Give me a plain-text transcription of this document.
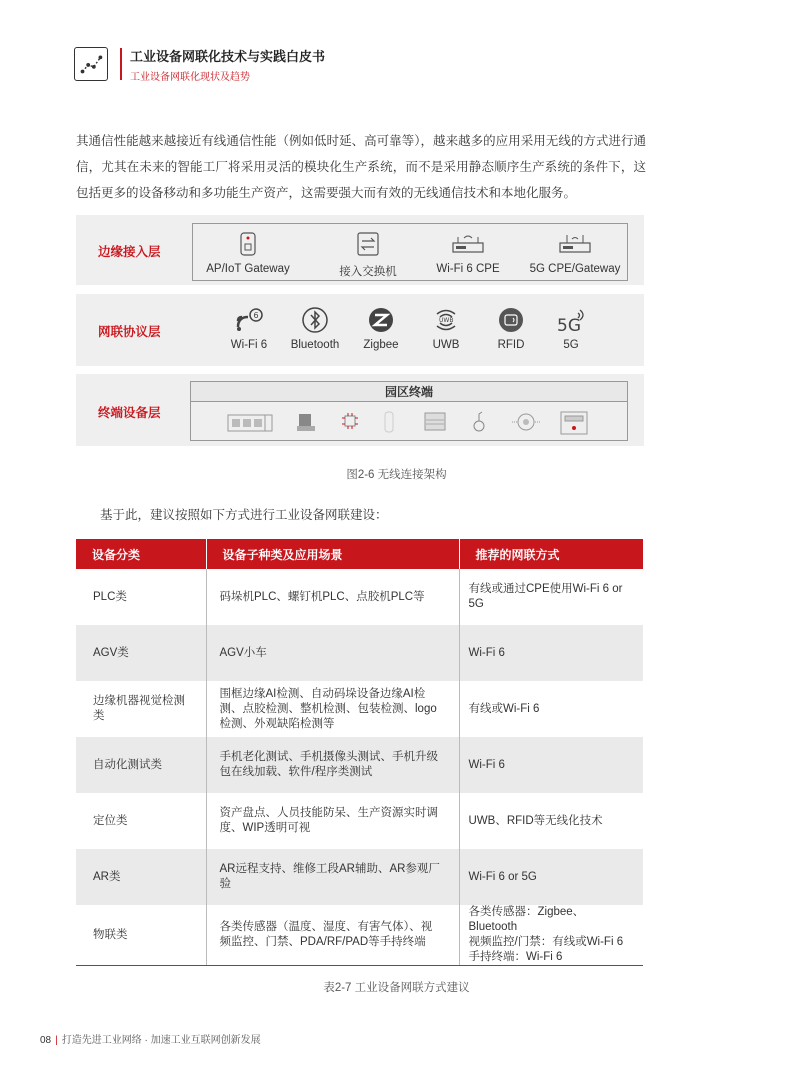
工业设备网联化技术与实践白皮书
工业设备网联化现状及趋势
其通信性能越来越接近有线通信性能（例如低时延、高可靠等），越来越多的应用采用无线的方式进行通信，尤其在未来的智能工厂将采用灵活的模块化生产系统，而不是采用静态顺序生产系统的条件下，这包括更多的设备移动和多功能生产资产，这需要强大而有效的无线通信技术和本地化服务。
边缘接入层
AP/IoT Gateway	接入交换机	Wi-Fi 6 CPE	5G CPE/Gateway
网联协议层
6
Wi-Fi 6	Bluetooth	Zigbee
UWB
UWB	RFID
5G
5G
终端设备层
园区终端
图2-6 无线连接架构
基于此，建议按照如下方式进行工业设备网联建设：
设备分类	设备子种类及应用场景	推荐的网联方式
PLC类	码垛机PLC、螺钉机PLC、点胶机PLC等	有线或通过CPE使用Wi-Fi 6 or 5G
AGV类	AGV小车	Wi-Fi 6
边缘机器视觉检测类	围框边缘AI检测、自动码垛设备边缘AI检测、点胶检测、整机检测、包装检测、logo检测、外观缺陷检测等	有线或Wi-Fi 6
自动化测试类	手机老化测试、手机摄像头测试、手机升级包在线加载、软件/程序类测试	Wi-Fi 6
定位类	资产盘点、人员技能防呆、生产资源实时调度、WIP透明可视	UWB、RFID等无线化技术
AR类	AR远程支持、维修工段AR辅助、AR参观厂验	Wi-Fi 6 or 5G
物联类	各类传感器（温度、湿度、有害气体）、视频监控、门禁、PDA/RF/PAD等手持终端	各类传感器：Zigbee、Bluetooth
视频监控/门禁：有线或Wi-Fi 6
手持终端：Wi-Fi 6
表2-7 工业设备网联方式建议
08 | 打造先进工业网络 · 加速工业互联网创新发展
